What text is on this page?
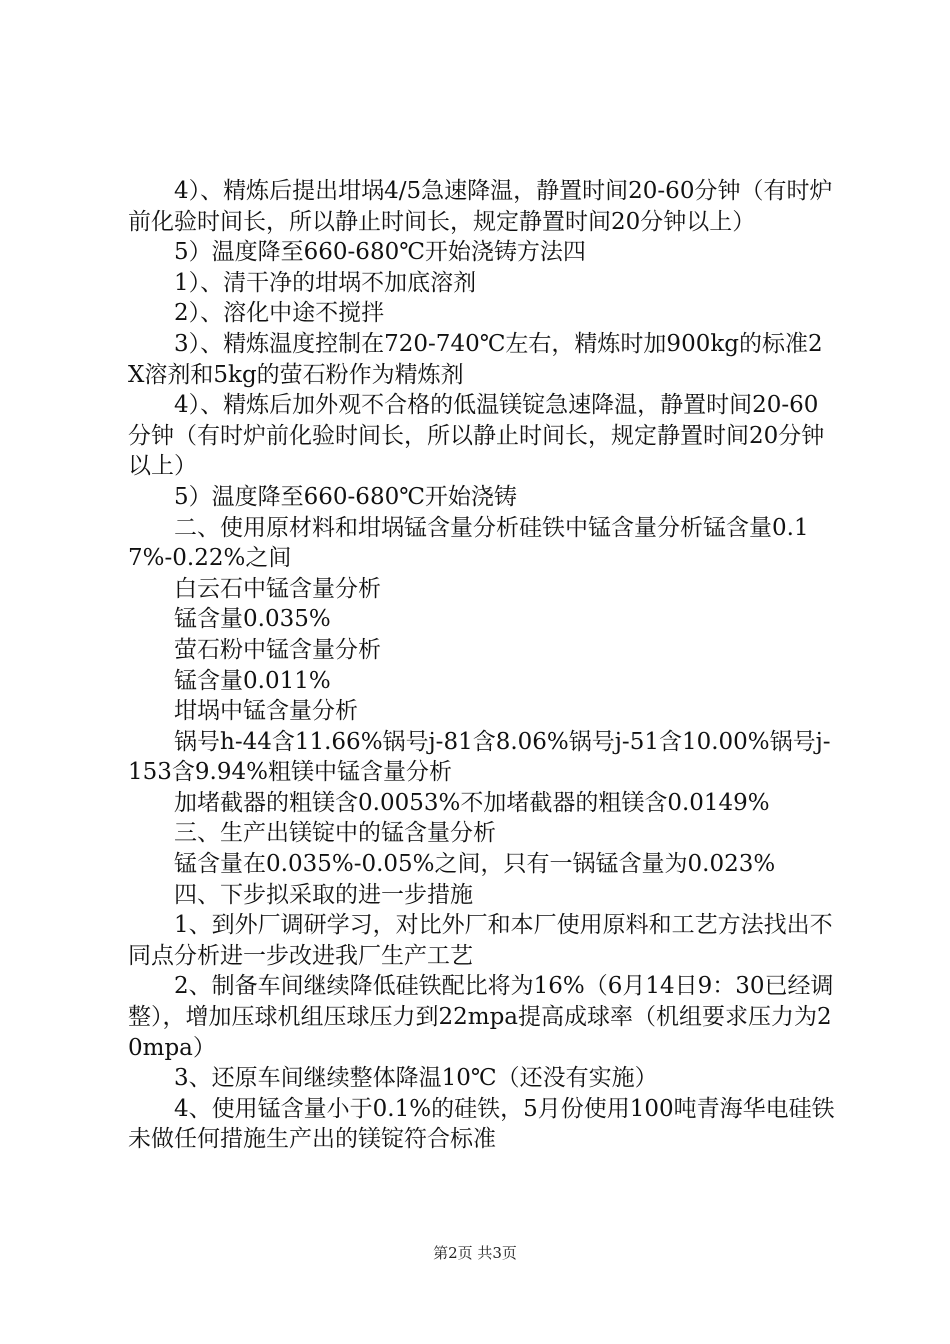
4）、精炼后提出坩埚4/5急速降温，静置时间20-60分钟（有时炉前化验时间长，所以静止时间长，规定静置时间20分钟以上）

5）温度降至660-680℃开始浇铸方法四

1）、清干净的坩埚不加底溶剂

2）、溶化中途不搅拌

3）、精炼温度控制在720-740℃左右，精炼时加900kg的标准2X溶剂和5kg的萤石粉作为精炼剂

4）、精炼后加外观不合格的低温镁锭急速降温，静置时间20-60分钟（有时炉前化验时间长，所以静止时间长，规定静置时间20分钟以上）

5）温度降至660-680℃开始浇铸

二、使用原材料和坩埚锰含量分析硅铁中锰含量分析锰含量0.17%-0.22%之间

白云石中锰含量分析

锰含量0.035%

萤石粉中锰含量分析

锰含量0.011%

坩埚中锰含量分析

锅号h-44含11.66%锅号j-81含8.06%锅号j-51含10.00%锅号j-153含9.94%粗镁中锰含量分析

加堵截器的粗镁含0.0053%不加堵截器的粗镁含0.0149%

三、生产出镁锭中的锰含量分析

锰含量在0.035%-0.05%之间，只有一锅锰含量为0.023%

四、下步拟采取的进一步措施

1、到外厂调研学习，对比外厂和本厂使用原料和工艺方法找出不同点分析进一步改进我厂生产工艺

2、制备车间继续降低硅铁配比将为16%（6月14日9：30已经调整），增加压球机组压球压力到22mpa提高成球率（机组要求压力为20mpa）

3、还原车间继续整体降温10℃（还没有实施）

4、使用锰含量小于0.1%的硅铁，5月份使用100吨青海华电硅铁未做任何措施生产出的镁锭符合标准

第2页 共3页
